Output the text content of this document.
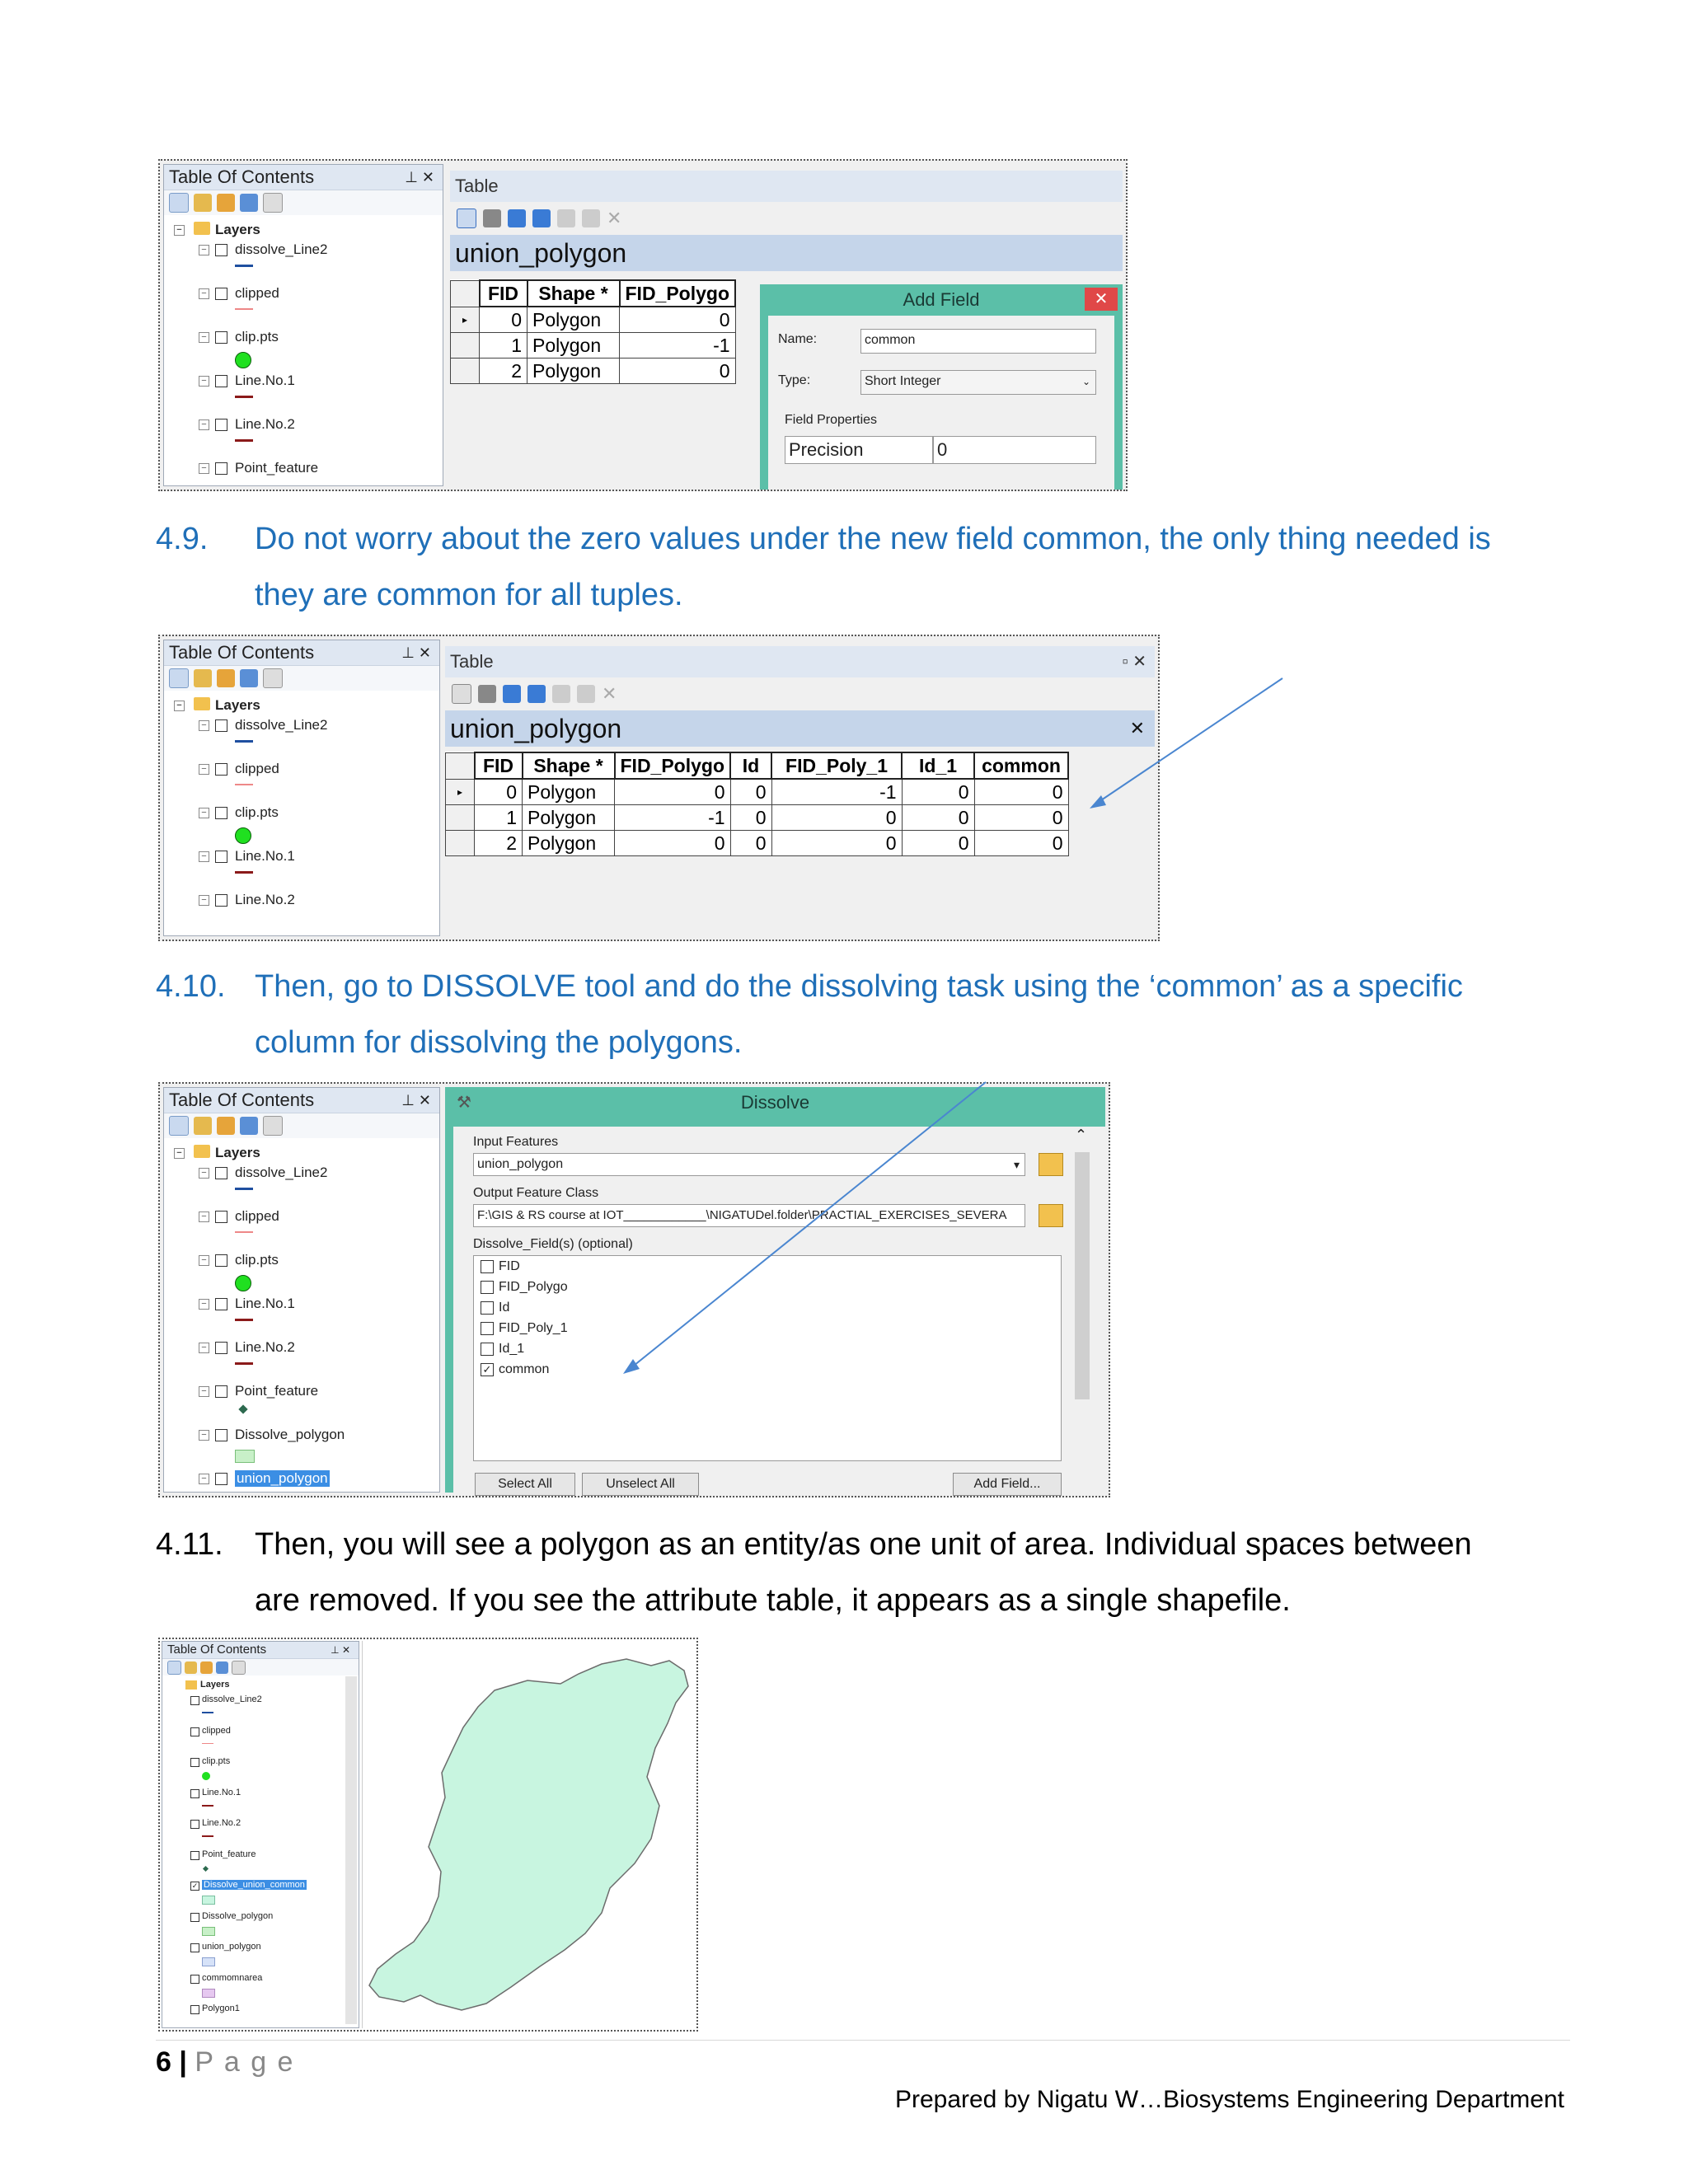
Table Of Contents	⊥ ✕
− Layers
− dissolve_Line2
− clipped
− clip.pts
− Line.No.1
− Line.No.2
− Point_feature
Table
✕
union_polygon
	FID	Shape *	FID_Polygo
▸	0	Polygon	0
	1	Polygon	-1
	2	Polygon	0
Add Field	✕
Name:	common
Type:	Short Integer	⌄
Field Properties
Precision	0
4.9. Do not worry about the zero values under the new field common, the only thing needed is
they are common for all tuples.
Table Of Contents	⊥ ✕
− Layers
− dissolve_Line2
− clipped
− clip.pts
− Line.No.1
− Line.No.2
Table	▫ ✕
✕
union_polygon	✕
	FID	Shape *	FID_Polygo	Id	FID_Poly_1	Id_1	common
▸	0	Polygon	0	0	-1	0	0
	1	Polygon	-1	0	0	0	0
	2	Polygon	0	0	0	0	0
4.10. Then, go to DISSOLVE tool and do the dissolving task using the ‘common’ as a specific
column for dissolving the polygons.
Table Of Contents	⊥ ✕
− Layers
− dissolve_Line2
− clipped
− clip.pts
− Line.No.1
− Line.No.2
− Point_feature
− Dissolve_polygon
− union_polygon
⚒	Dissolve
Input Features
union_polygon	▾
Output Feature Class
F:\GIS & RS course at IOT____________\NIGATUDel.folder\PRACTIAL_EXERCISES_SEVERA
Dissolve_Field(s) (optional)
FID
FID_Polygo
Id
FID_Poly_1
Id_1
✓ common
⌃
Select All	Unselect All	Add Field...
4.11. Then, you will see a polygon as an entity/as one unit of area. Individual spaces between
are removed. If you see the attribute table, it appears as a single shapefile.
Table Of Contents	⊥ ✕
Layers
dissolve_Line2
clipped
clip.pts
Line.No.1
Line.No.2
Point_feature
✓ Dissolve_union_common
Dissolve_polygon
union_polygon
commomnarea
Polygon1
6 | P a g e
Prepared by Nigatu W…Biosystems Engineering Department
